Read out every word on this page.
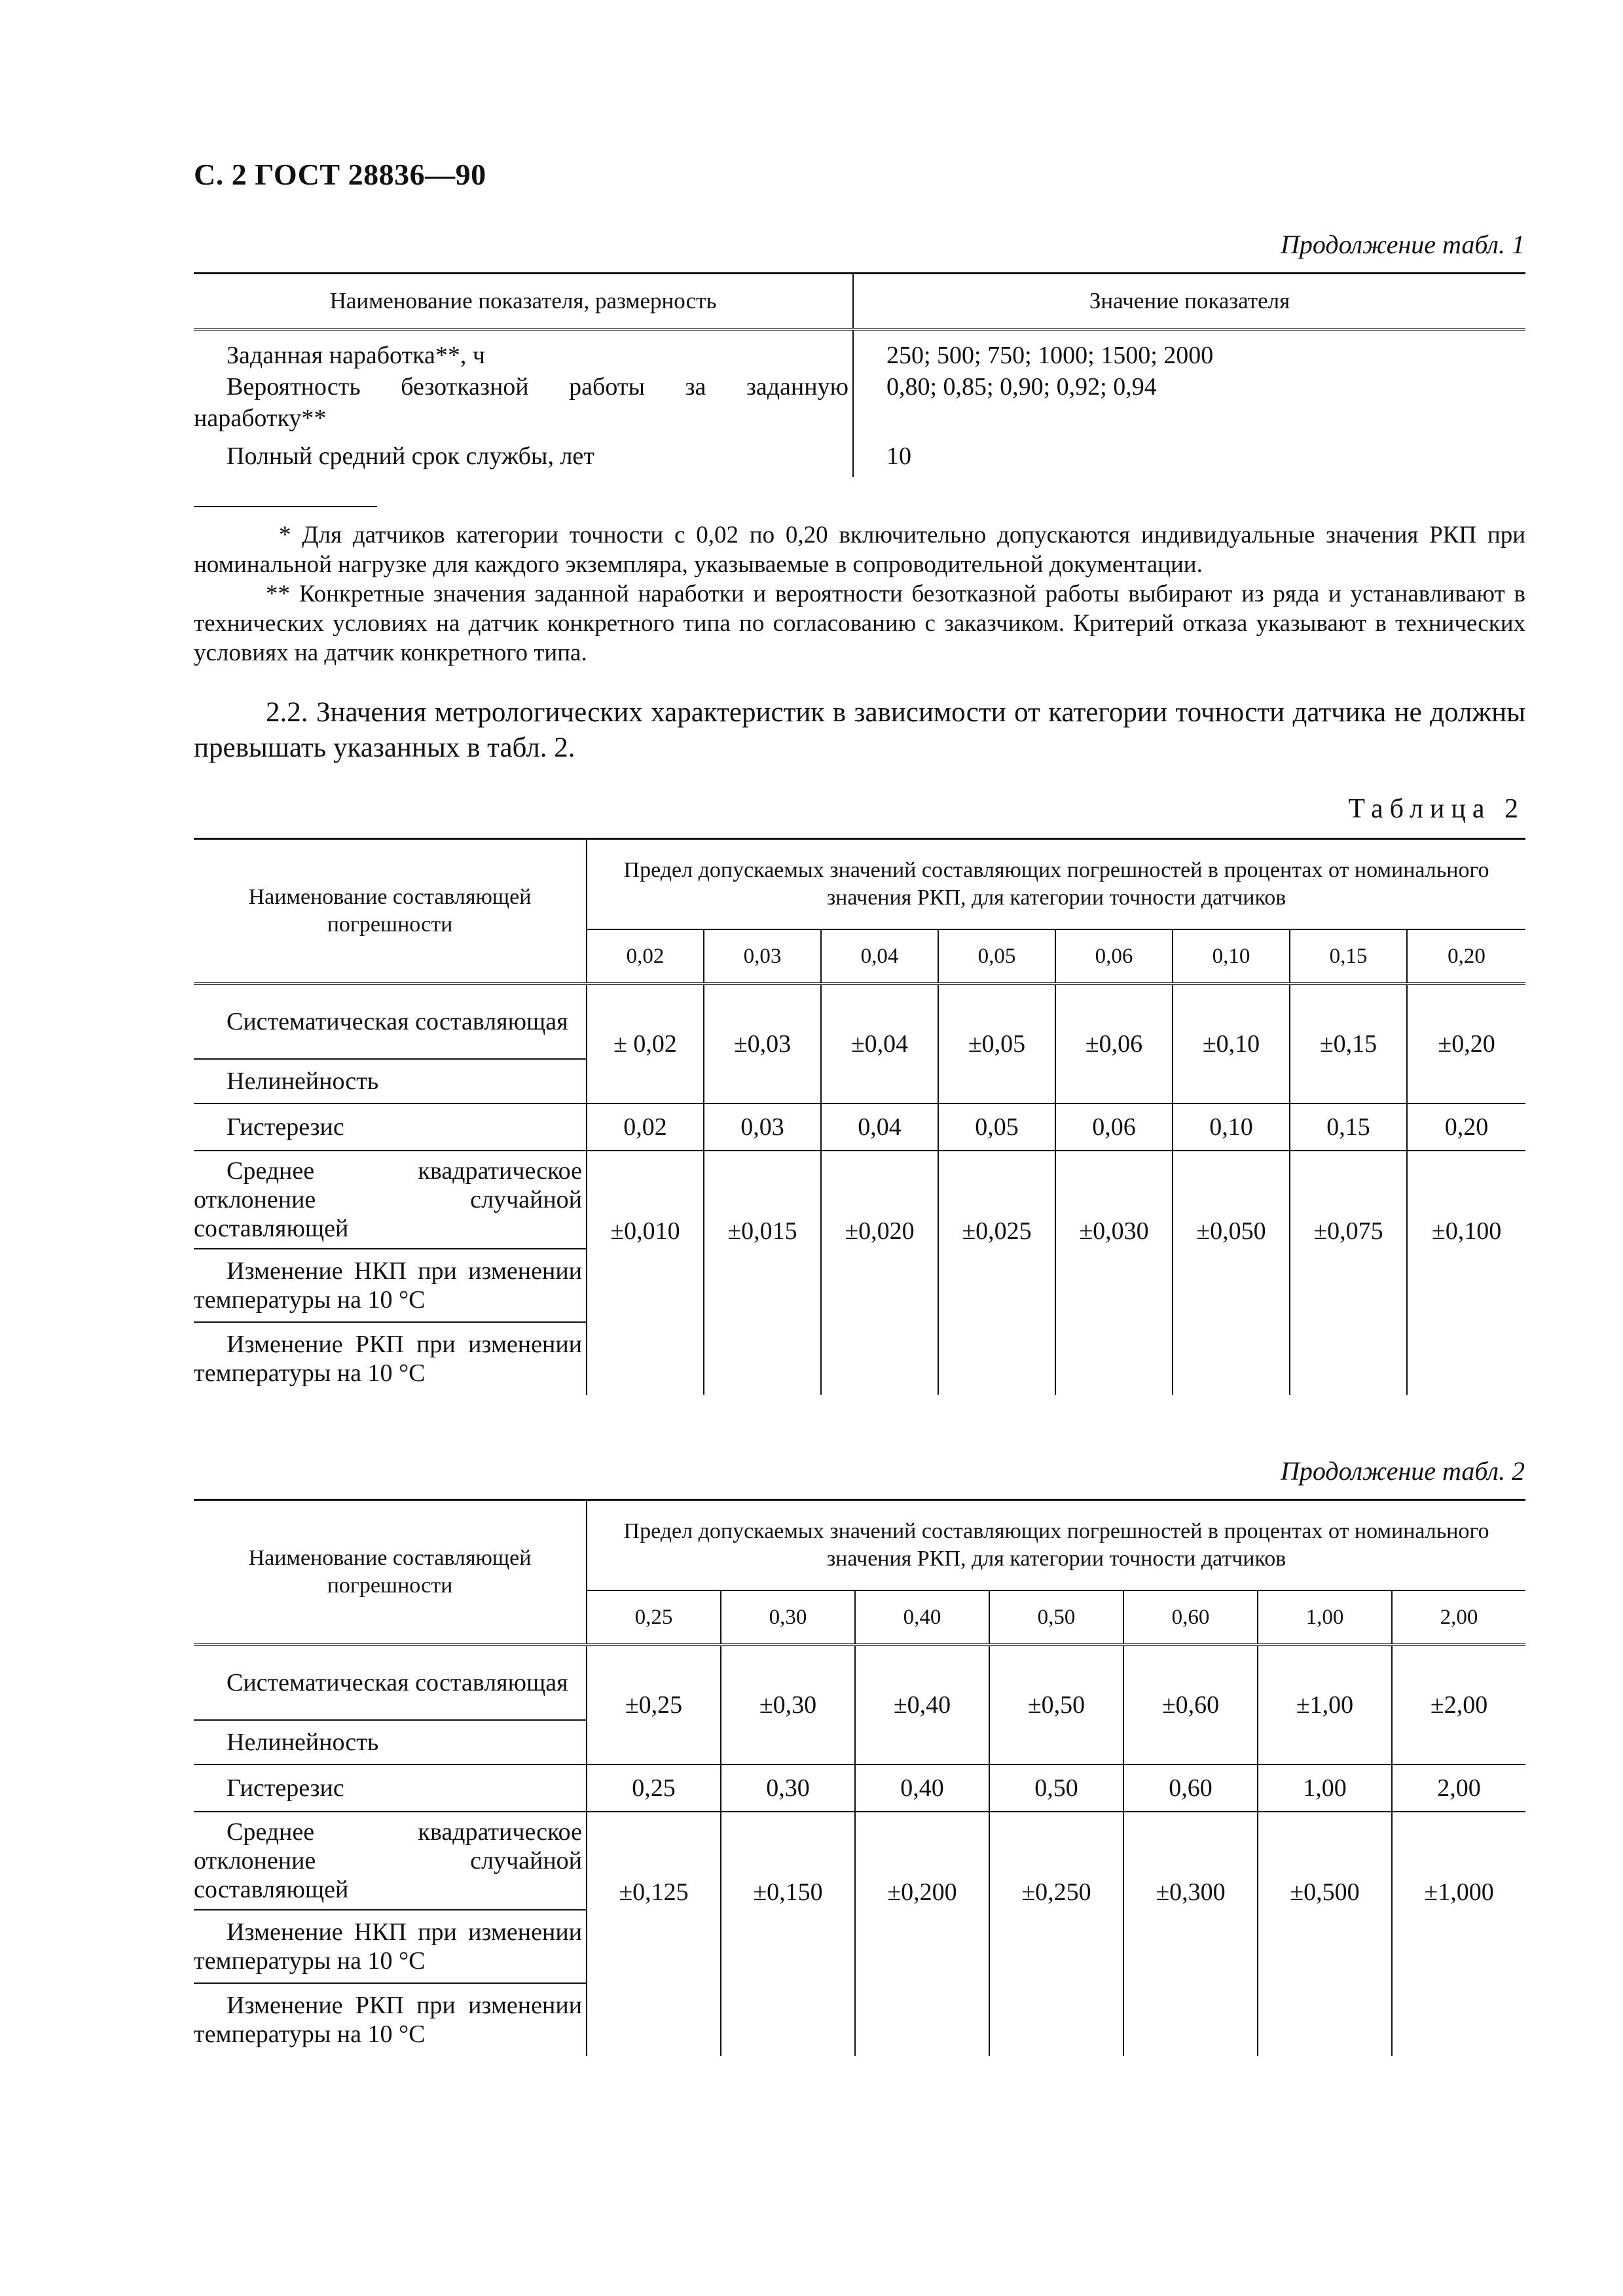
С. 2 ГОСТ 28836—90
Продолжение табл. 1
Наименование показателя, размерность	Значение показателя
Заданная наработка**, ч	250; 500; 750; 1000; 1500; 2000
Вероятность безотказной работы за заданную наработку**	0,80; 0,85; 0,90; 0,92; 0,94
Полный средний срок службы, лет	10
* Для датчиков категории точности с 0,02 по 0,20 включительно допускаются индивидуальные значения РКП при номинальной нагрузке для каждого экземпляра, указываемые в сопроводительной документации.
** Конкретные значения заданной наработки и вероятности безотказной работы выбирают из ряда и устанавливают в технических условиях на датчик конкретного типа по согласованию с заказчиком. Критерий отказа указывают в технических условиях на датчик конкретного типа.
2.2. Значения метрологических характеристик в зависимости от категории точности датчика не должны превышать указанных в табл. 2.
Таблица 2
Наименование составляющей погрешности	Предел допускаемых значений составляющих погрешностей в процентах от номинального значения РКП, для категории точности датчиков							
	0,02	0,03	0,04	0,05	0,06	0,10	0,15	0,20
Систематическая составляющая	± 0,02	±0,03	±0,04	±0,05	±0,06	±0,10	±0,15	±0,20
Нелинейность								
Гистерезис	0,02	0,03	0,04	0,05	0,06	0,10	0,15	0,20
Среднее квадратическое отклонение случайной составляющей	±0,010	±0,015	±0,020	±0,025	±0,030	±0,050	±0,075	±0,100
Изменение НКП при изменении температуры на 10 °С								
Изменение РКП при изменении температуры на 10 °С								
Продолжение табл. 2
Наименование составляющей погрешности	Предел допускаемых значений составляющих погрешностей в процентах от номинального значения РКП, для категории точности датчиков						
	0,25	0,30	0,40	0,50	0,60	1,00	2,00
Систематическая составляющая	±0,25	±0,30	±0,40	±0,50	±0,60	±1,00	±2,00
Нелинейность							
Гистерезис	0,25	0,30	0,40	0,50	0,60	1,00	2,00
Среднее квадратическое отклонение случайной составляющей	±0,125	±0,150	±0,200	±0,250	±0,300	±0,500	±1,000
Изменение НКП при изменении температуры на 10 °С							
Изменение РКП при изменении температуры на 10 °С							
